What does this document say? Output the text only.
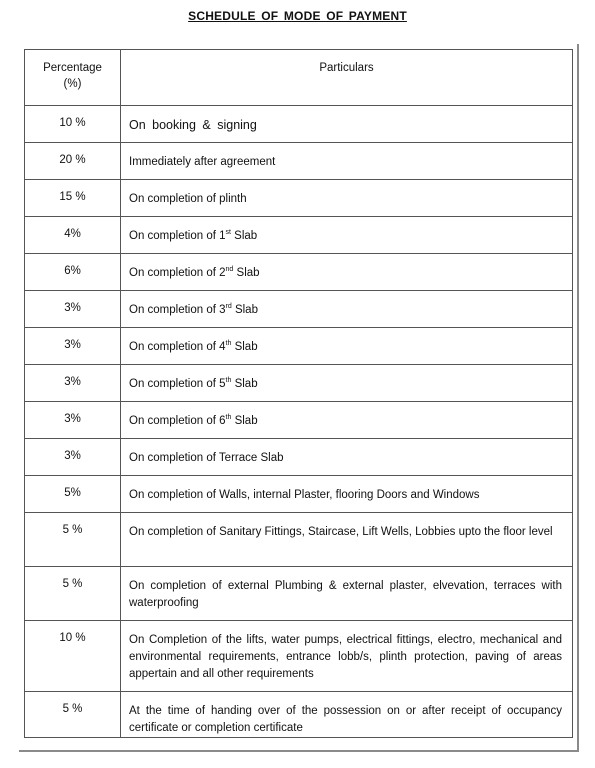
SCHEDULE OF MODE OF PAYMENT
Percentage
(%)	Particulars
10 %	On booking & signing
20 %	Immediately after agreement
15 %	On completion of plinth
4%	On completion of 1st Slab
6%	On completion of 2nd Slab
3%	On completion of 3rd Slab
3%	On completion of 4th Slab
3%	On completion of 5th Slab
3%	On completion of 6th Slab
3%	On completion of Terrace Slab
5%	On completion of Walls, internal Plaster, flooring Doors and Windows
5 %	On completion of Sanitary Fittings, Staircase, Lift Wells, Lobbies upto the floor level
5 %	On completion of external Plumbing & external plaster, elvevation, terraces with waterproofing
10 %	On Completion of the lifts, water pumps, electrical fittings, electro, mechanical and environmental requirements, entrance lobb/s, plinth protection, paving of areas appertain and all other requirements
5 %	At the time of handing over of the possession on or after receipt of occupancy certificate or completion certificate
